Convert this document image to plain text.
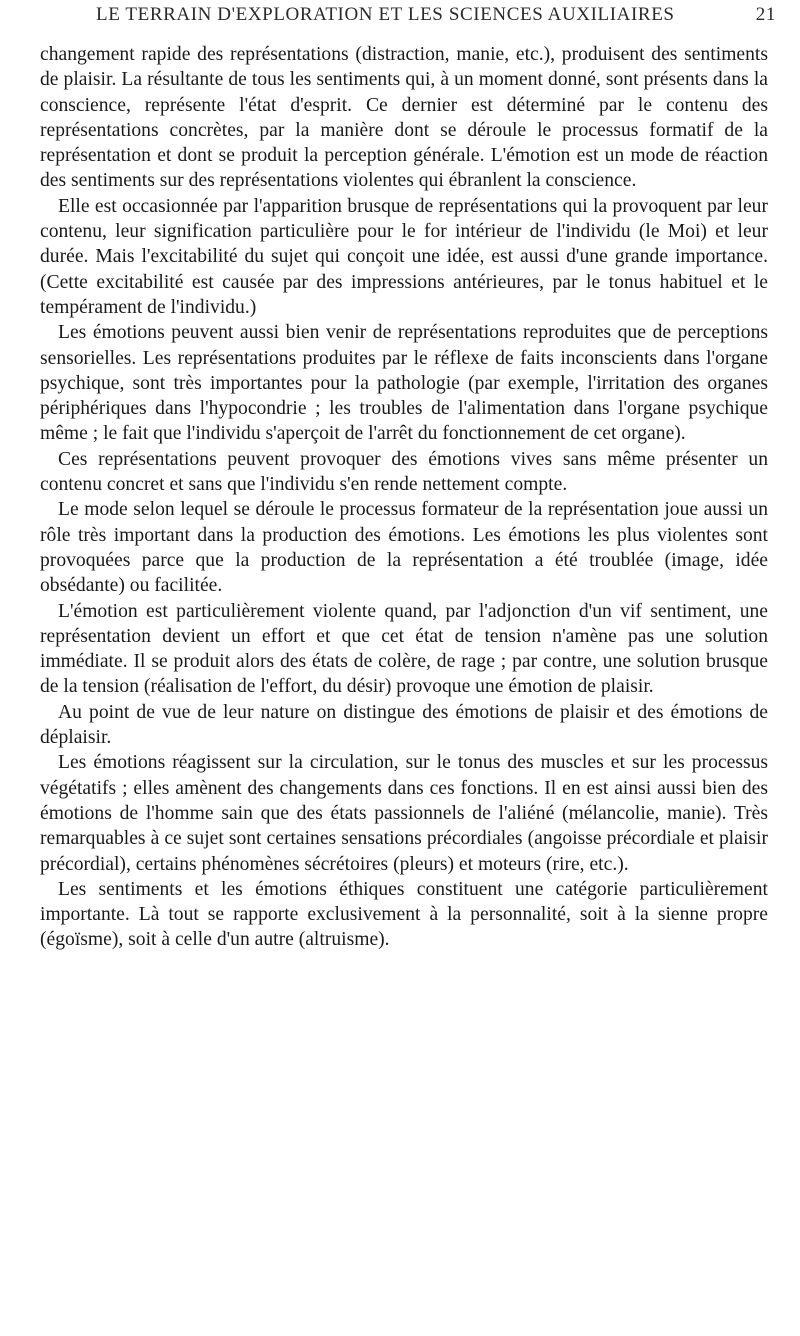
LE TERRAIN D'EXPLORATION ET LES SCIENCES AUXILIAIRES	21

changement rapide des représentations (distraction, manie, etc.), produisent des sentiments de plaisir. La résultante de tous les sentiments qui, à un moment donné, sont présents dans la conscience, représente l'état d'esprit. Ce dernier est déterminé par le contenu des représentations concrètes, par la manière dont se déroule le processus formatif de la représentation et dont se produit la perception générale. L'émotion est un mode de réaction des sentiments sur des représentations violentes qui ébranlent la conscience.

Elle est occasionnée par l'apparition brusque de représentations qui la provoquent par leur contenu, leur signification particulière pour le for intérieur de l'individu (le Moi) et leur durée. Mais l'excitabilité du sujet qui conçoit une idée, est aussi d'une grande importance. (Cette excitabilité est causée par des impressions antérieures, par le tonus habituel et le tempérament de l'individu.)

Les émotions peuvent aussi bien venir de représentations reproduites que de perceptions sensorielles. Les représentations produites par le réflexe de faits inconscients dans l'organe psychique, sont très importantes pour la pathologie (par exemple, l'irritation des organes périphériques dans l'hypocondrie ; les troubles de l'alimentation dans l'organe psychique même ; le fait que l'individu s'aperçoit de l'arrêt du fonctionnement de cet organe).

Ces représentations peuvent provoquer des émotions vives sans même présenter un contenu concret et sans que l'individu s'en rende nettement compte.

Le mode selon lequel se déroule le processus formateur de la représentation joue aussi un rôle très important dans la production des émotions. Les émotions les plus violentes sont provoquées parce que la production de la représentation a été troublée (image, idée obsédante) ou facilitée.

L'émotion est particulièrement violente quand, par l'adjonction d'un vif sentiment, une représentation devient un effort et que cet état de tension n'amène pas une solution immédiate. Il se produit alors des états de colère, de rage ; par contre, une solution brusque de la tension (réalisation de l'effort, du désir) provoque une émotion de plaisir.

Au point de vue de leur nature on distingue des émotions de plaisir et des émotions de déplaisir.

Les émotions réagissent sur la circulation, sur le tonus des muscles et sur les processus végétatifs ; elles amènent des changements dans ces fonctions. Il en est ainsi aussi bien des émotions de l'homme sain que des états passionnels de l'aliéné (mélancolie, manie). Très remarquables à ce sujet sont certaines sensations précordiales (angoisse précordiale et plaisir précordial), certains phénomènes sécrétoires (pleurs) et moteurs (rire, etc.).

Les sentiments et les émotions éthiques constituent une catégorie particulièrement importante. Là tout se rapporte exclusivement à la personnalité, soit à la sienne propre (égoïsme), soit à celle d'un autre (altruisme).
